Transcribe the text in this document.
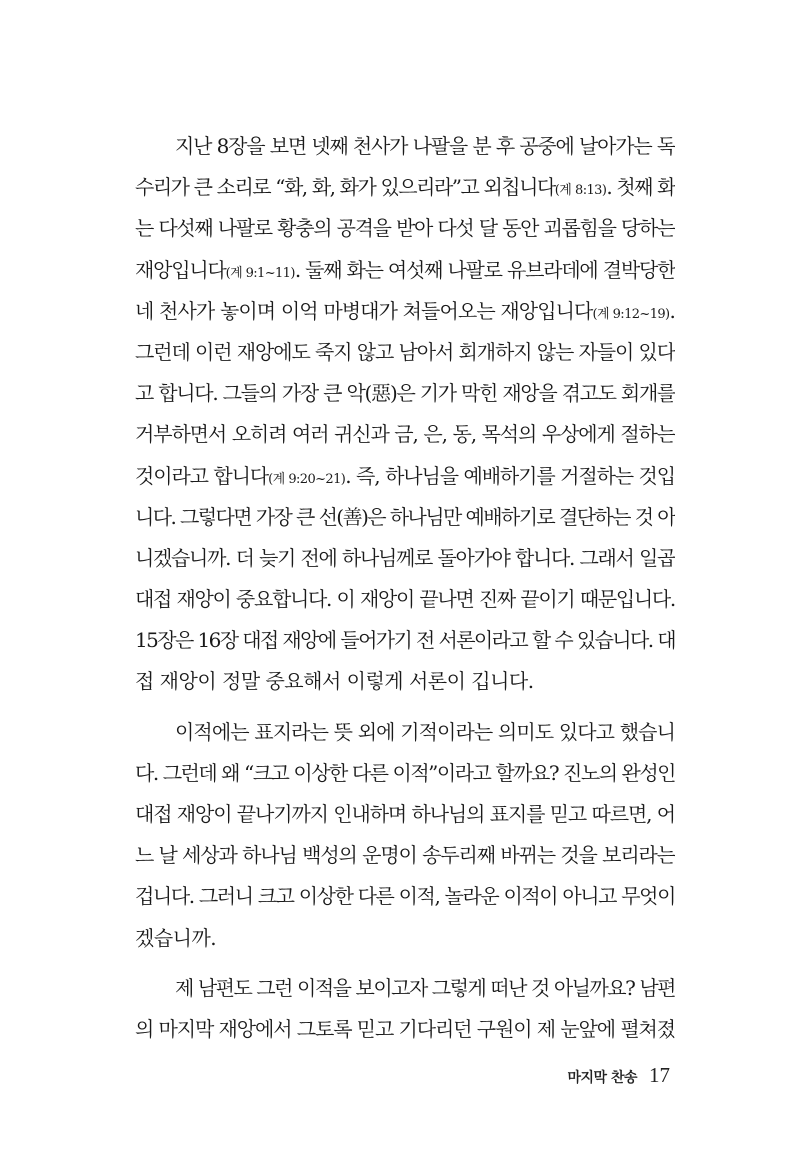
지난 8장을 보면 넷째 천사가 나팔을 분 후 공중에 날아가는 독
수리가 큰 소리로 “화, 화, 화가 있으리라”고 외칩니다(계 8:13). 첫째 화
는 다섯째 나팔로 황충의 공격을 받아 다섯 달 동안 괴롭힘을 당하는
재앙입니다(계 9:1~11). 둘째 화는 여섯째 나팔로 유브라데에 결박당한
네 천사가 놓이며 이억 마병대가 쳐들어오는 재앙입니다(계 9:12~19).
그런데 이런 재앙에도 죽지 않고 남아서 회개하지 않는 자들이 있다
고 합니다. 그들의 가장 큰 악(惡)은 기가 막힌 재앙을 겪고도 회개를
거부하면서 오히려 여러 귀신과 금, 은, 동, 목석의 우상에게 절하는
것이라고 합니다(계 9:20~21). 즉, 하나님을 예배하기를 거절하는 것입
니다. 그렇다면 가장 큰 선(善)은 하나님만 예배하기로 결단하는 것 아
니겠습니까. 더 늦기 전에 하나님께로 돌아가야 합니다. 그래서 일곱
대접 재앙이 중요합니다. 이 재앙이 끝나면 진짜 끝이기 때문입니다.
15장은 16장 대접 재앙에 들어가기 전 서론이라고 할 수 있습니다. 대
접 재앙이 정말 중요해서 이렇게 서론이 깁니다.
이적에는 표지라는 뜻 외에 기적이라는 의미도 있다고 했습니
다. 그런데 왜 “크고 이상한 다른 이적”이라고 할까요? 진노의 완성인
대접 재앙이 끝나기까지 인내하며 하나님의 표지를 믿고 따르면, 어
느 날 세상과 하나님 백성의 운명이 송두리째 바뀌는 것을 보리라는
겁니다. 그러니 크고 이상한 다른 이적, 놀라운 이적이 아니고 무엇이
겠습니까.
제 남편도 그런 이적을 보이고자 그렇게 떠난 것 아닐까요? 남편
의 마지막 재앙에서 그토록 믿고 기다리던 구원이 제 눈앞에 펼쳐졌
마지막 찬송 17
